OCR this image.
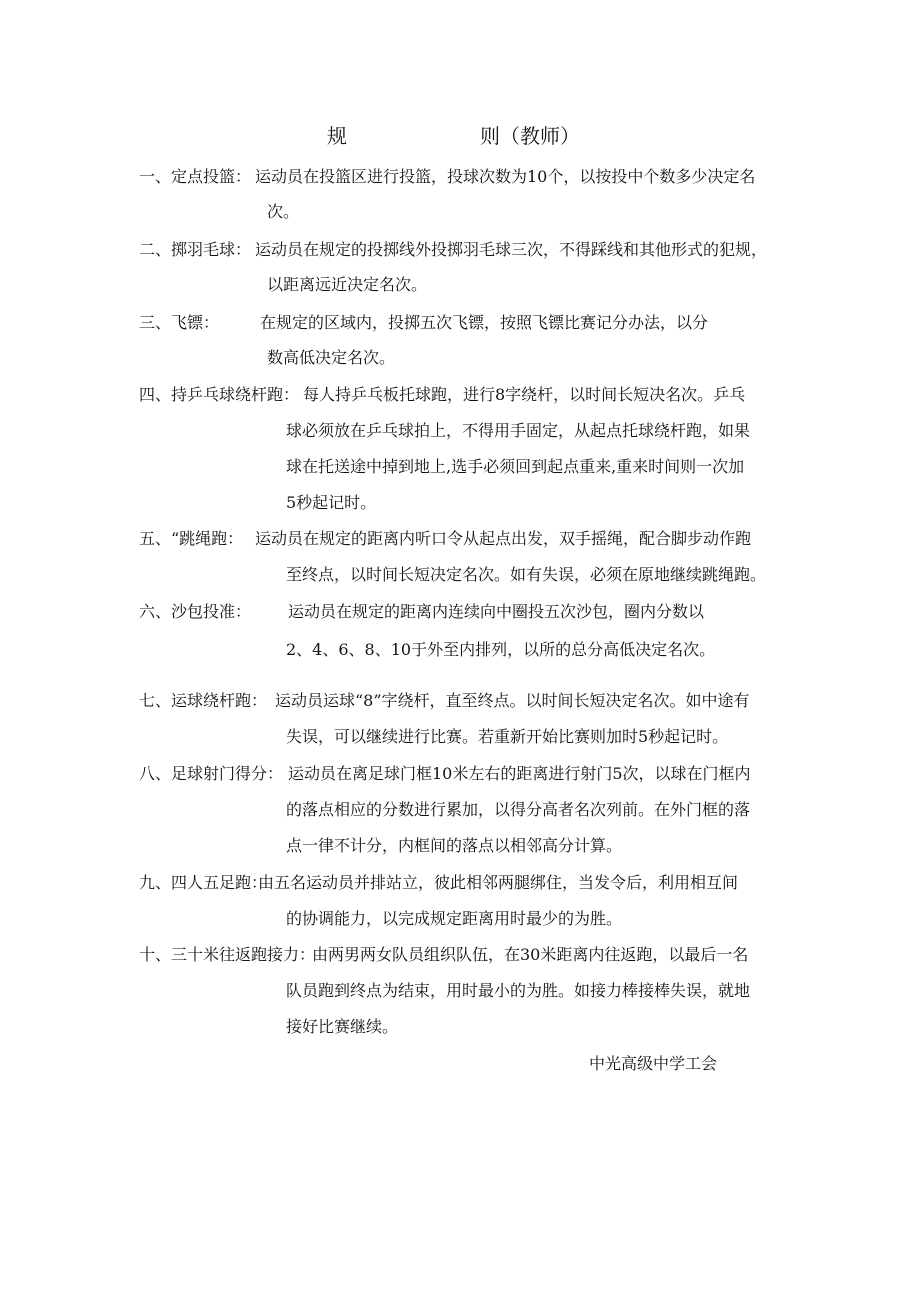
规	则（教师）
一、定点投篮： 运动员在投篮区进行投篮，投球次数为10个，以按投中个数多少决定名
次。
二、掷羽毛球： 运动员在规定的投掷线外投掷羽毛球三次，不得踩线和其他形式的犯规，
以距离远近决定名次。
三、飞镖：	在规定的区域内，投掷五次飞镖，按照飞镖比赛记分办法，以分
数高低决定名次。
四、持乒乓球绕杆跑： 每人持乒乓板托球跑，进行8字绕杆，以时间长短决名次。乒乓
球必须放在乒乓球拍上，不得用手固定，从起点托球绕杆跑，如果
球在托送途中掉到地上,选手必须回到起点重来,重来时间则一次加
5秒起记时。
五、“跳绳跑： 运动员在规定的距离内听口令从起点出发，双手摇绳，配合脚步动作跑
至终点，以时间长短决定名次。如有失误，必须在原地继续跳绳跑。
六、沙包投准： 运动员在规定的距离内连续向中圈投五次沙包，圈内分数以
2、4、6、8、10于外至内排列，以所的总分高低决定名次。
七、运球绕杆跑： 运动员运球“8”字绕杆，直至终点。以时间长短决定名次。如中途有
失误，可以继续进行比赛。若重新开始比赛则加时5秒起记时。
八、足球射门得分： 运动员在离足球门框10米左右的距离进行射门5次，以球在门框内
的落点相应的分数进行累加，以得分高者名次列前。在外门框的落
点一律不计分，内框间的落点以相邻高分计算。
九、四人五足跑：
由五名运动员并排站立，彼此相邻两腿绑住，当发令后，利用相互间
的协调能力，以完成规定距离用时最少的为胜。
十、三十米往返跑接力：
由两男两女队员组织队伍，在30米距离内往返跑，以最后一名
队员跑到终点为结束，用时最小的为胜。如接力棒接棒失误，就地
接好比赛继续。
中光高级中学工会
